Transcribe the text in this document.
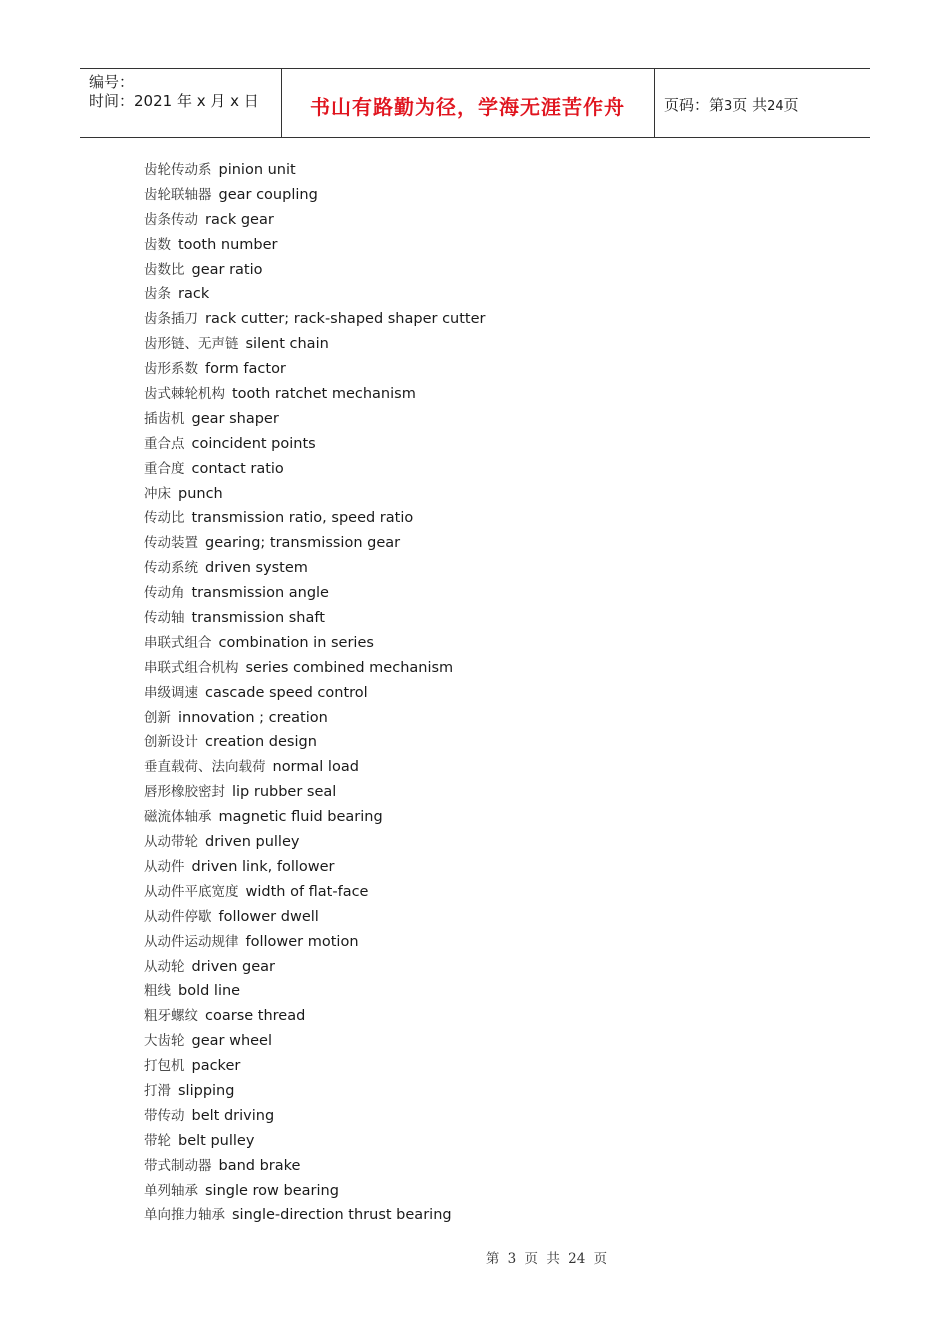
编号：
时间：2021 年 x 月 x 日	书山有路勤为径，学海无涯苦作舟	页码：第3页 共24页
齿轮传动系 pinion unit
齿轮联轴器 gear coupling
齿条传动 rack gear
齿数 tooth number
齿数比 gear ratio
齿条 rack
齿条插刀 rack cutter; rack-shaped shaper cutter
齿形链、无声链 silent chain
齿形系数 form factor
齿式棘轮机构 tooth ratchet mechanism
插齿机 gear shaper
重合点 coincident points
重合度 contact ratio
冲床 punch
传动比 transmission ratio, speed ratio
传动装置 gearing; transmission gear
传动系统 driven system
传动角 transmission angle
传动轴 transmission shaft
串联式组合 combination in series
串联式组合机构 series combined mechanism
串级调速 cascade speed control
创新 innovation ; creation
创新设计 creation design
垂直载荷、法向载荷 normal load
唇形橡胶密封 lip rubber seal
磁流体轴承 magnetic fluid bearing
从动带轮 driven pulley
从动件 driven link, follower
从动件平底宽度 width of flat-face
从动件停歇 follower dwell
从动件运动规律 follower motion
从动轮 driven gear
粗线 bold line
粗牙螺纹 coarse thread
大齿轮 gear wheel
打包机 packer
打滑 slipping
带传动 belt driving
带轮 belt pulley
带式制动器 band brake
单列轴承 single row bearing
单向推力轴承 single-direction thrust bearing
第 3 页 共 24 页
